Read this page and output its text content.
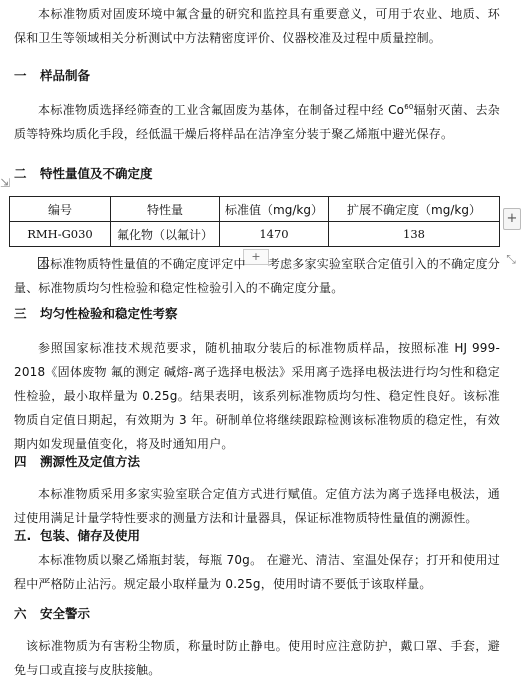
本标准物质对固废环境中氟含量的研究和监控具有重要意义，可用于农业、地质、环保和卫生等领域相关分析测试中方法精密度评价、仪器校准及过程中质量控制。

一 样品制备

本标准物质选择经筛查的工业含氟固废为基体，在制备过程中经 Co$^{60}$辐射灭菌、去杂质等特殊均质化手段，经低温干燥后将样品在洁净室分装于聚乙烯瓶中避光保存。

二 特性量值及不确定度
⇲
编号	特性量	标准值（mg/kg）	扩展不确定度（mg/kg）
RMH-G030	氟化物（以氟计）	1470	138
+
+	⤡

本标准物质特性量值的不确定度评定中 考虑多家实验室联合定值引入的不确定度分量、标准物质均匀性检验和稳定性检验引入的不确定度分量。

三 均匀性检验和稳定性考察

参照国家标准技术规范要求，随机抽取分装后的标准物质样品，按照标准 HJ 999-2018《固体废物 氟的测定 碱熔-离子选择电极法》采用离子选择电极法进行均匀性和稳定性检验，最小取样量为 0.25g。结果表明，该系列标准物质均匀性、稳定性良好。该标准物质自定值日期起，有效期为 3 年。研制单位将继续跟踪检测该标准物质的稳定性，有效期内如发现量值变化，将及时通知用户。

四 溯源性及定值方法

本标准物质采用多家实验室联合定值方式进行赋值。定值方法为离子选择电极法，通过使用满足计量学特性要求的测量方法和计量器具，保证标准物质特性量值的溯源性。

五. 包装、储存及使用

本标准物质以聚乙烯瓶封装，每瓶 70g。 在避光、清洁、室温处保存；打开和使用过程中严格防止沾污。规定最小取样量为 0.25g，使用时请不要低于该取样量。

六 安全警示

该标准物质为有害粉尘物质，称量时防止静电。使用时应注意防护，戴口罩、手套，避免与口或直接与皮肤接触。
